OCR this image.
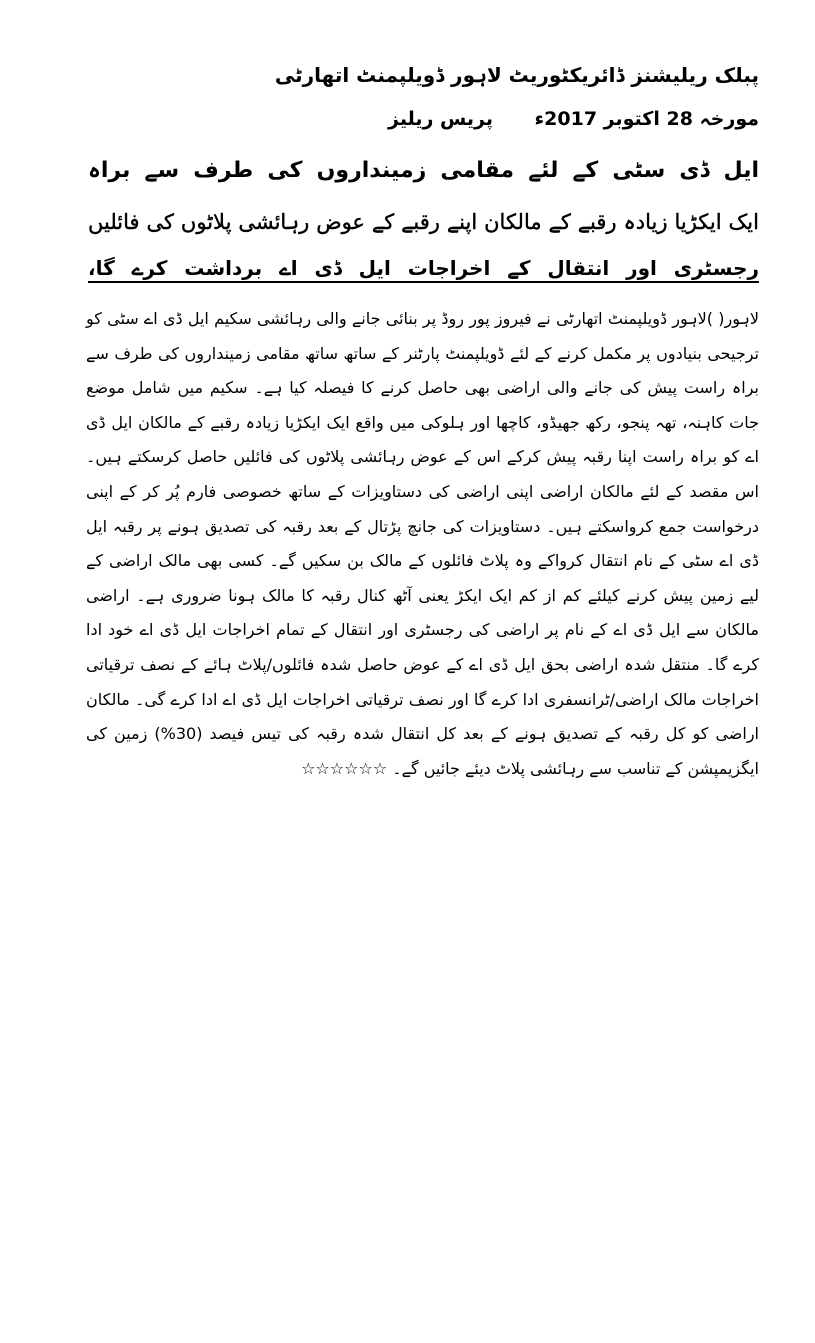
پبلک ریلیشنز ڈائریکٹوریٹ لاہور ڈویلپمنٹ اتھارٹی
مورخہ 28 اکتوبر 2017ء
پریس ریلیز
ایل ڈی سٹی کے لئے مقامی زمینداروں کی طرف سے براہ
ایک ایکڑیا زیادہ رقبے کے مالکان اپنے رقبے کے عوض رہائشی پلاٹوں کی فائلیں
رجسٹری اور انتقال کے اخراجات ایل ڈی اے برداشت کرے گا،
لاہور( )لاہور ڈویلپمنٹ اتھارٹی نے فیروز پور روڈ پر بنائی جانے والی رہائشی سکیم ایل ڈی اے سٹی کو ترجیحی بنیادوں پر مکمل کرنے کے لئے ڈویلپمنٹ پارٹنر کے ساتھ ساتھ مقامی زمینداروں کی طرف سے براہ راست پیش کی جانے والی اراضی بھی حاصل کرنے کا فیصلہ کیا ہے۔ سکیم میں شامل موضع جات کاہنہ، تھہ پنجو، رکھ جھیڈو، کاچھا اور ہلوکی میں واقع ایک ایکڑیا زیادہ رقبے کے مالکان ایل ڈی اے کو براہ راست اپنا رقبہ پیش کرکے اس کے عوض رہائشی پلاٹوں کی فائلیں حاصل کرسکتے ہیں۔ اس مقصد کے لئے مالکان اراضی اپنی اراضی کی دستاویزات کے ساتھ خصوصی فارم پُر کر کے اپنی درخواست جمع کرواسکتے ہیں۔ دستاویزات کی جانچ پڑتال کے بعد رقبہ کی تصدیق ہونے پر رقبہ ایل ڈی اے سٹی کے نام انتقال کرواکے وہ پلاٹ فائلوں کے مالک بن سکیں گے۔ کسی بھی مالک اراضی کے لیے زمین پیش کرنے کیلئے کم از کم ایک ایکڑ یعنی آٹھ کنال رقبہ کا مالک ہونا ضروری ہے۔ اراضی مالکان سے ایل ڈی اے کے نام پر اراضی کی رجسٹری اور انتقال کے تمام اخراجات ایل ڈی اے خود ادا کرے گا۔ منتقل شدہ اراضی بحق ایل ڈی اے کے عوض حاصل شدہ فائلوں/پلاٹ ہائے کے نصف ترقیاتی اخراجات مالک اراضی/ٹرانسفری ادا کرے گا اور نصف ترقیاتی اخراجات ایل ڈی اے ادا کرے گی۔ مالکان اراضی کو کل رقبہ کے تصدیق ہونے کے بعد کل انتقال شدہ رقبہ کی تیس فیصد (30%) زمین کی ایگزیمپشن کے تناسب سے رہائشی پلاٹ دیئے جائیں گے۔ ☆☆☆☆☆☆
